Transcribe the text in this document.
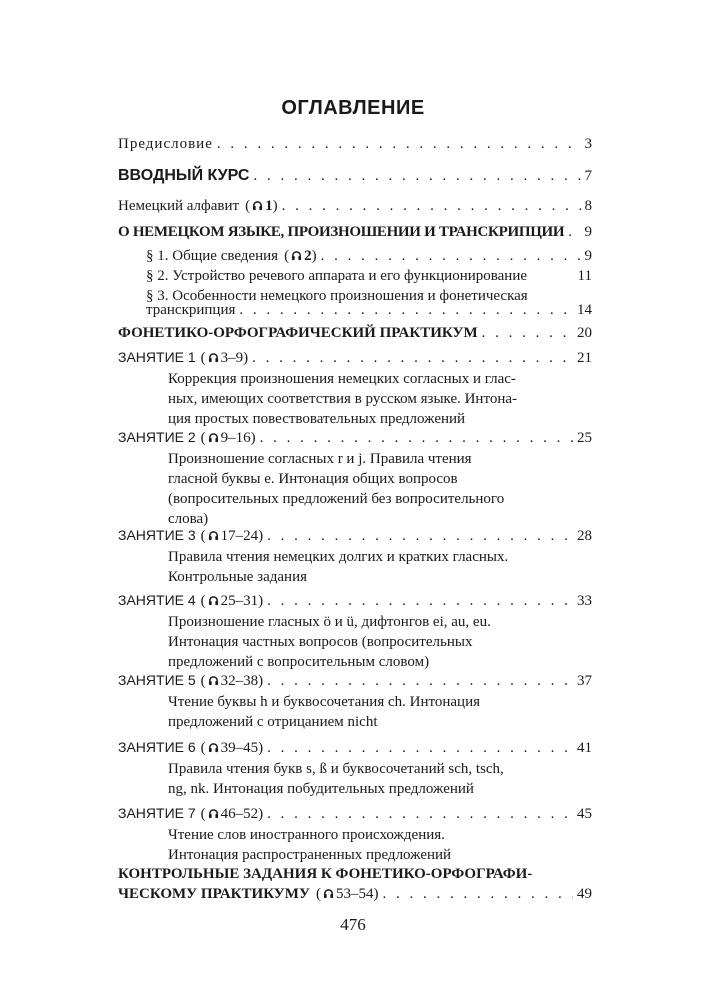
ОГЛАВЛЕНИЕ
Предисловие . . .	3
ВВОДНЫЙ КУРС . . .	7
Немецкий алфавит ( 1) . . .	8
О НЕМЕЦКОМ ЯЗЫКЕ, ПРОИЗНОШЕНИИ И ТРАНСКРИПЦИИ . . . 9
§ 1. Общие сведения ( 2) . . .	9
§ 2. Устройство речевого аппарата и его функционирование	11
§ 3. Особенности немецкого произношения и фонетическая
транскрипция . . .	14
ФОНЕТИКО-ОРФОГРАФИЧЕСКИЙ ПРАКТИКУМ . . .	20
ЗАНЯТИЕ 1 ( 3–9) . . .	21
Коррекция произношения немецких согласных и глас-
ных, имеющих соответствия в русском языке. Интона-
ция простых повествовательных предложений
ЗАНЯТИЕ 2 ( 9–16) . . .	25
Произношение согласных r и j. Правила чтения
гласной буквы e. Интонация общих вопросов
(вопросительных предложений без вопросительного
слова)
ЗАНЯТИЕ 3 ( 17–24) . . .	28
Правила чтения немецких долгих и кратких гласных.
Контрольные задания
ЗАНЯТИЕ 4 ( 25–31) . . .	33
Произношение гласных ö и ü, дифтонгов ei, au, eu.
Интонация частных вопросов (вопросительных
предложений с вопросительным словом)
ЗАНЯТИЕ 5 ( 32–38) . . .	37
Чтение буквы h и буквосочетания ch. Интонация
предложений с отрицанием nicht
ЗАНЯТИЕ 6 ( 39–45) . . .	41
Правила чтения букв s, ß и буквосочетаний sch, tsch,
ng, nk. Интонация побудительных предложений
ЗАНЯТИЕ 7 ( 46–52) . . .	45
Чтение слов иностранного происхождения.
Интонация распространенных предложений
КОНТРОЛЬНЫЕ ЗАДАНИЯ К ФОНЕТИКО-ОРФОГРАФИ-
ЧЕСКОМУ ПРАКТИКУМУ ( 53–54) . . .	49
476
